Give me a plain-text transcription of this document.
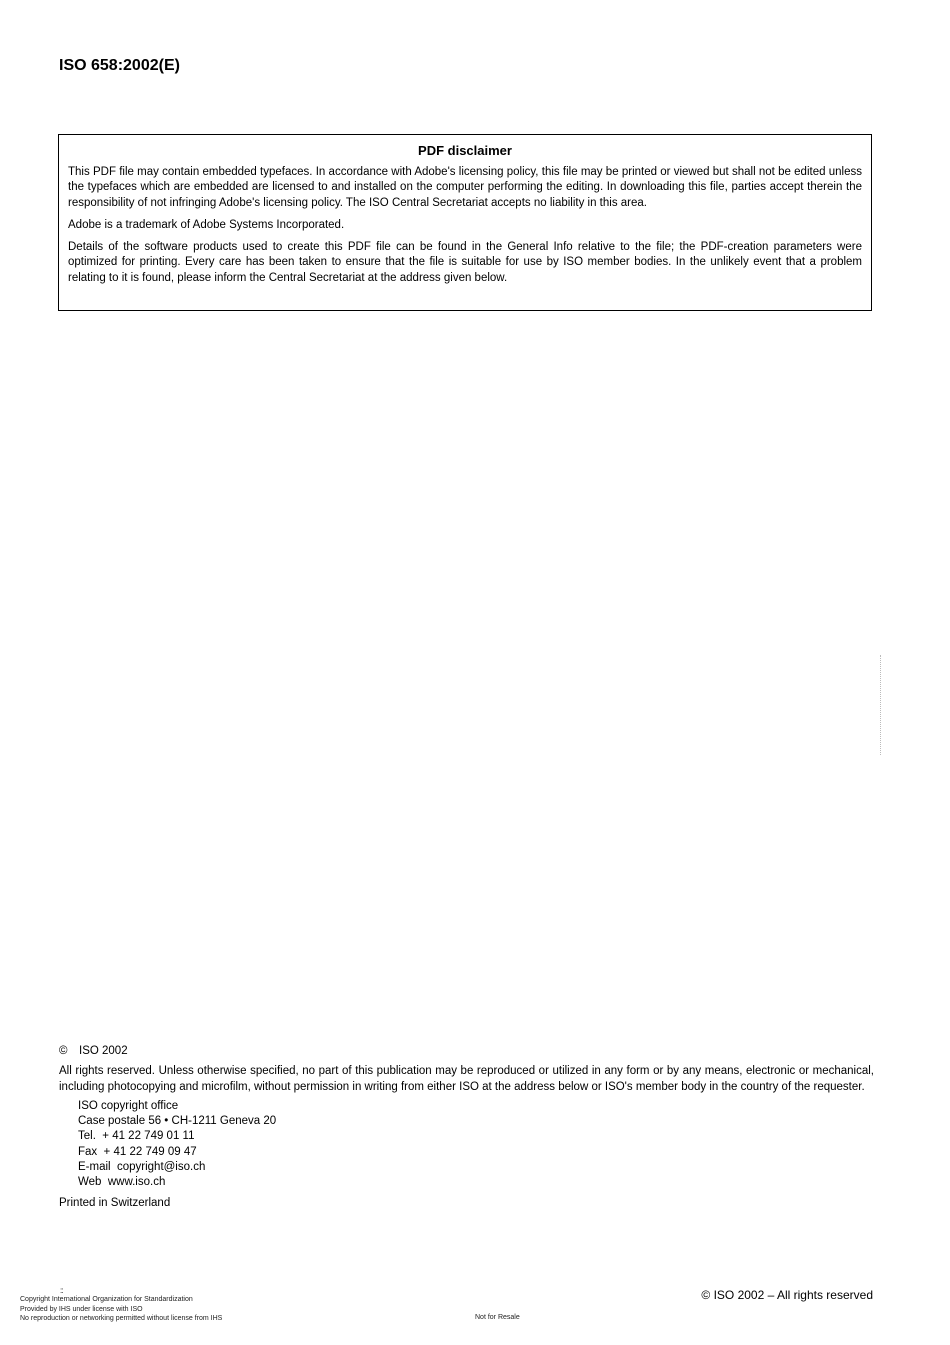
ISO 658:2002(E)

PDF disclaimer

This PDF file may contain embedded typefaces. In accordance with Adobe's licensing policy, this file may be printed or viewed but shall not be edited unless the typefaces which are embedded are licensed to and installed on the computer performing the editing. In downloading this file, parties accept therein the responsibility of not infringing Adobe's licensing policy. The ISO Central Secretariat accepts no liability in this area.

Adobe is a trademark of Adobe Systems Incorporated.

Details of the software products used to create this PDF file can be found in the General Info relative to the file; the PDF-creation parameters were optimized for printing. Every care has been taken to ensure that the file is suitable for use by ISO member bodies. In the unlikely event that a problem relating to it is found, please inform the Central Secretariat at the address given below.

© ISO 2002

All rights reserved. Unless otherwise specified, no part of this publication may be reproduced or utilized in any form or by any means, electronic or mechanical, including photocopying and microfilm, without permission in writing from either ISO at the address below or ISO's member body in the country of the requester.

ISO copyright office
Case postale 56 • CH-1211 Geneva 20
Tel.  + 41 22 749 01 11
Fax  + 41 22 749 09 47
E-mail  copyright@iso.ch
Web  www.iso.ch

Printed in Switzerland

::
Copyright International Organization for Standardization
Provided by IHS under license with ISO
No reproduction or networking permitted without license from IHS	Not for Resale
© ISO 2002 – All rights reserved
